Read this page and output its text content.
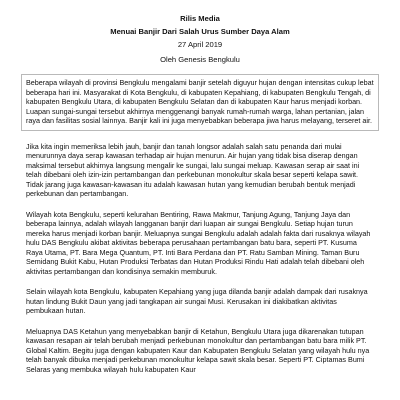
Rilis Media

Menuai Banjir Dari Salah Urus Sumber Daya Alam

27 April 2019

Oleh Genesis Bengkulu

Beberapa wilayah di provinsi Bengkulu mengalami banjir setelah diguyur hujan dengan intensitas cukup lebat beberapa hari ini. Masyarakat di Kota Bengkulu, di kabupaten Kepahiang, di kabupaten Bengkulu Tengah, di kabupaten Bengkulu Utara, di kabupaten Bengkulu Selatan dan di kabupaten Kaur harus menjadi korban. Luapan sungai-sungai tersebut akhirnya menggenangi banyak rumah-rumah warga, lahan pertanian, jalan raya dan fasilitas sosial lainnya. Banjir kali ini juga menyebabkan beberapa jiwa harus melayang, terseret air.

Jika kita ingin memeriksa lebih jauh, banjir dan tanah longsor adalah salah satu penanda dari mulai menurunnya daya serap kawasan terhadap air hujan menurun. Air hujan yang tidak bisa diserap dengan maksimal tersebut akhirnya langsung mengalir ke sungai, lalu sungai meluap. Kawasan serap air saat ini telah dibebani oleh izin-izin pertambangan dan perkebunan monokultur skala besar seperti kelapa sawit. Tidak jarang juga kawasan-kawasan itu adalah kawasan hutan yang kemudian berubah bentuk menjadi perkebunan dan pertambangan.

Wilayah kota Bengkulu, seperti kelurahan Bentiring, Rawa Makmur, Tanjung Agung, Tanjung Jaya dan beberapa lainnya, adalah wilayah langganan banjir dari luapan air sungai Bengkulu. Setiap hujan turun mereka harus menjadi korban banjir. Meluapnya sungai Bengkulu adalah adalah fakta dari rusaknya wilayah hulu DAS Bengkulu akibat aktivitas beberapa perusahaan pertambangan batu bara, seperti PT. Kusuma Raya Utama, PT. Bara Mega Quantum, PT. Inti Bara Perdana dan PT. Ratu Samban Mining. Taman Buru Semidang Bukit Kabu, Hutan Produksi Terbatas dan Hutan Produksi Rindu Hati adalah telah dibebani oleh aktivitas pertambangan dan kondisinya semakin memburuk.

Selain wilayah kota Bengkulu, kabupaten Kepahiang yang juga dilanda banjir adalah dampak dari rusaknya hutan lindung Bukit Daun yang jadi tangkapan air sungai Musi. Kerusakan ini diakibatkan aktivitas pembukaan hutan.

Meluapnya DAS Ketahun yang menyebabkan banjir di Ketahun, Bengkulu Utara juga dikarenakan tutupan kawasan resapan air telah berubah menjadi perkebunan monokultur dan pertambangan batu bara milik PT. Global Kaltim. Begitu juga dengan kabupaten Kaur dan Kabupaten Bengkulu Selatan yang wilayah hulu nya telah banyak dibuka menjadi perkebunan monokultur kelapa sawit skala besar. Seperti PT. Ciptamas Bumi Selaras yang membuka wilayah hulu kabupaten Kaur
